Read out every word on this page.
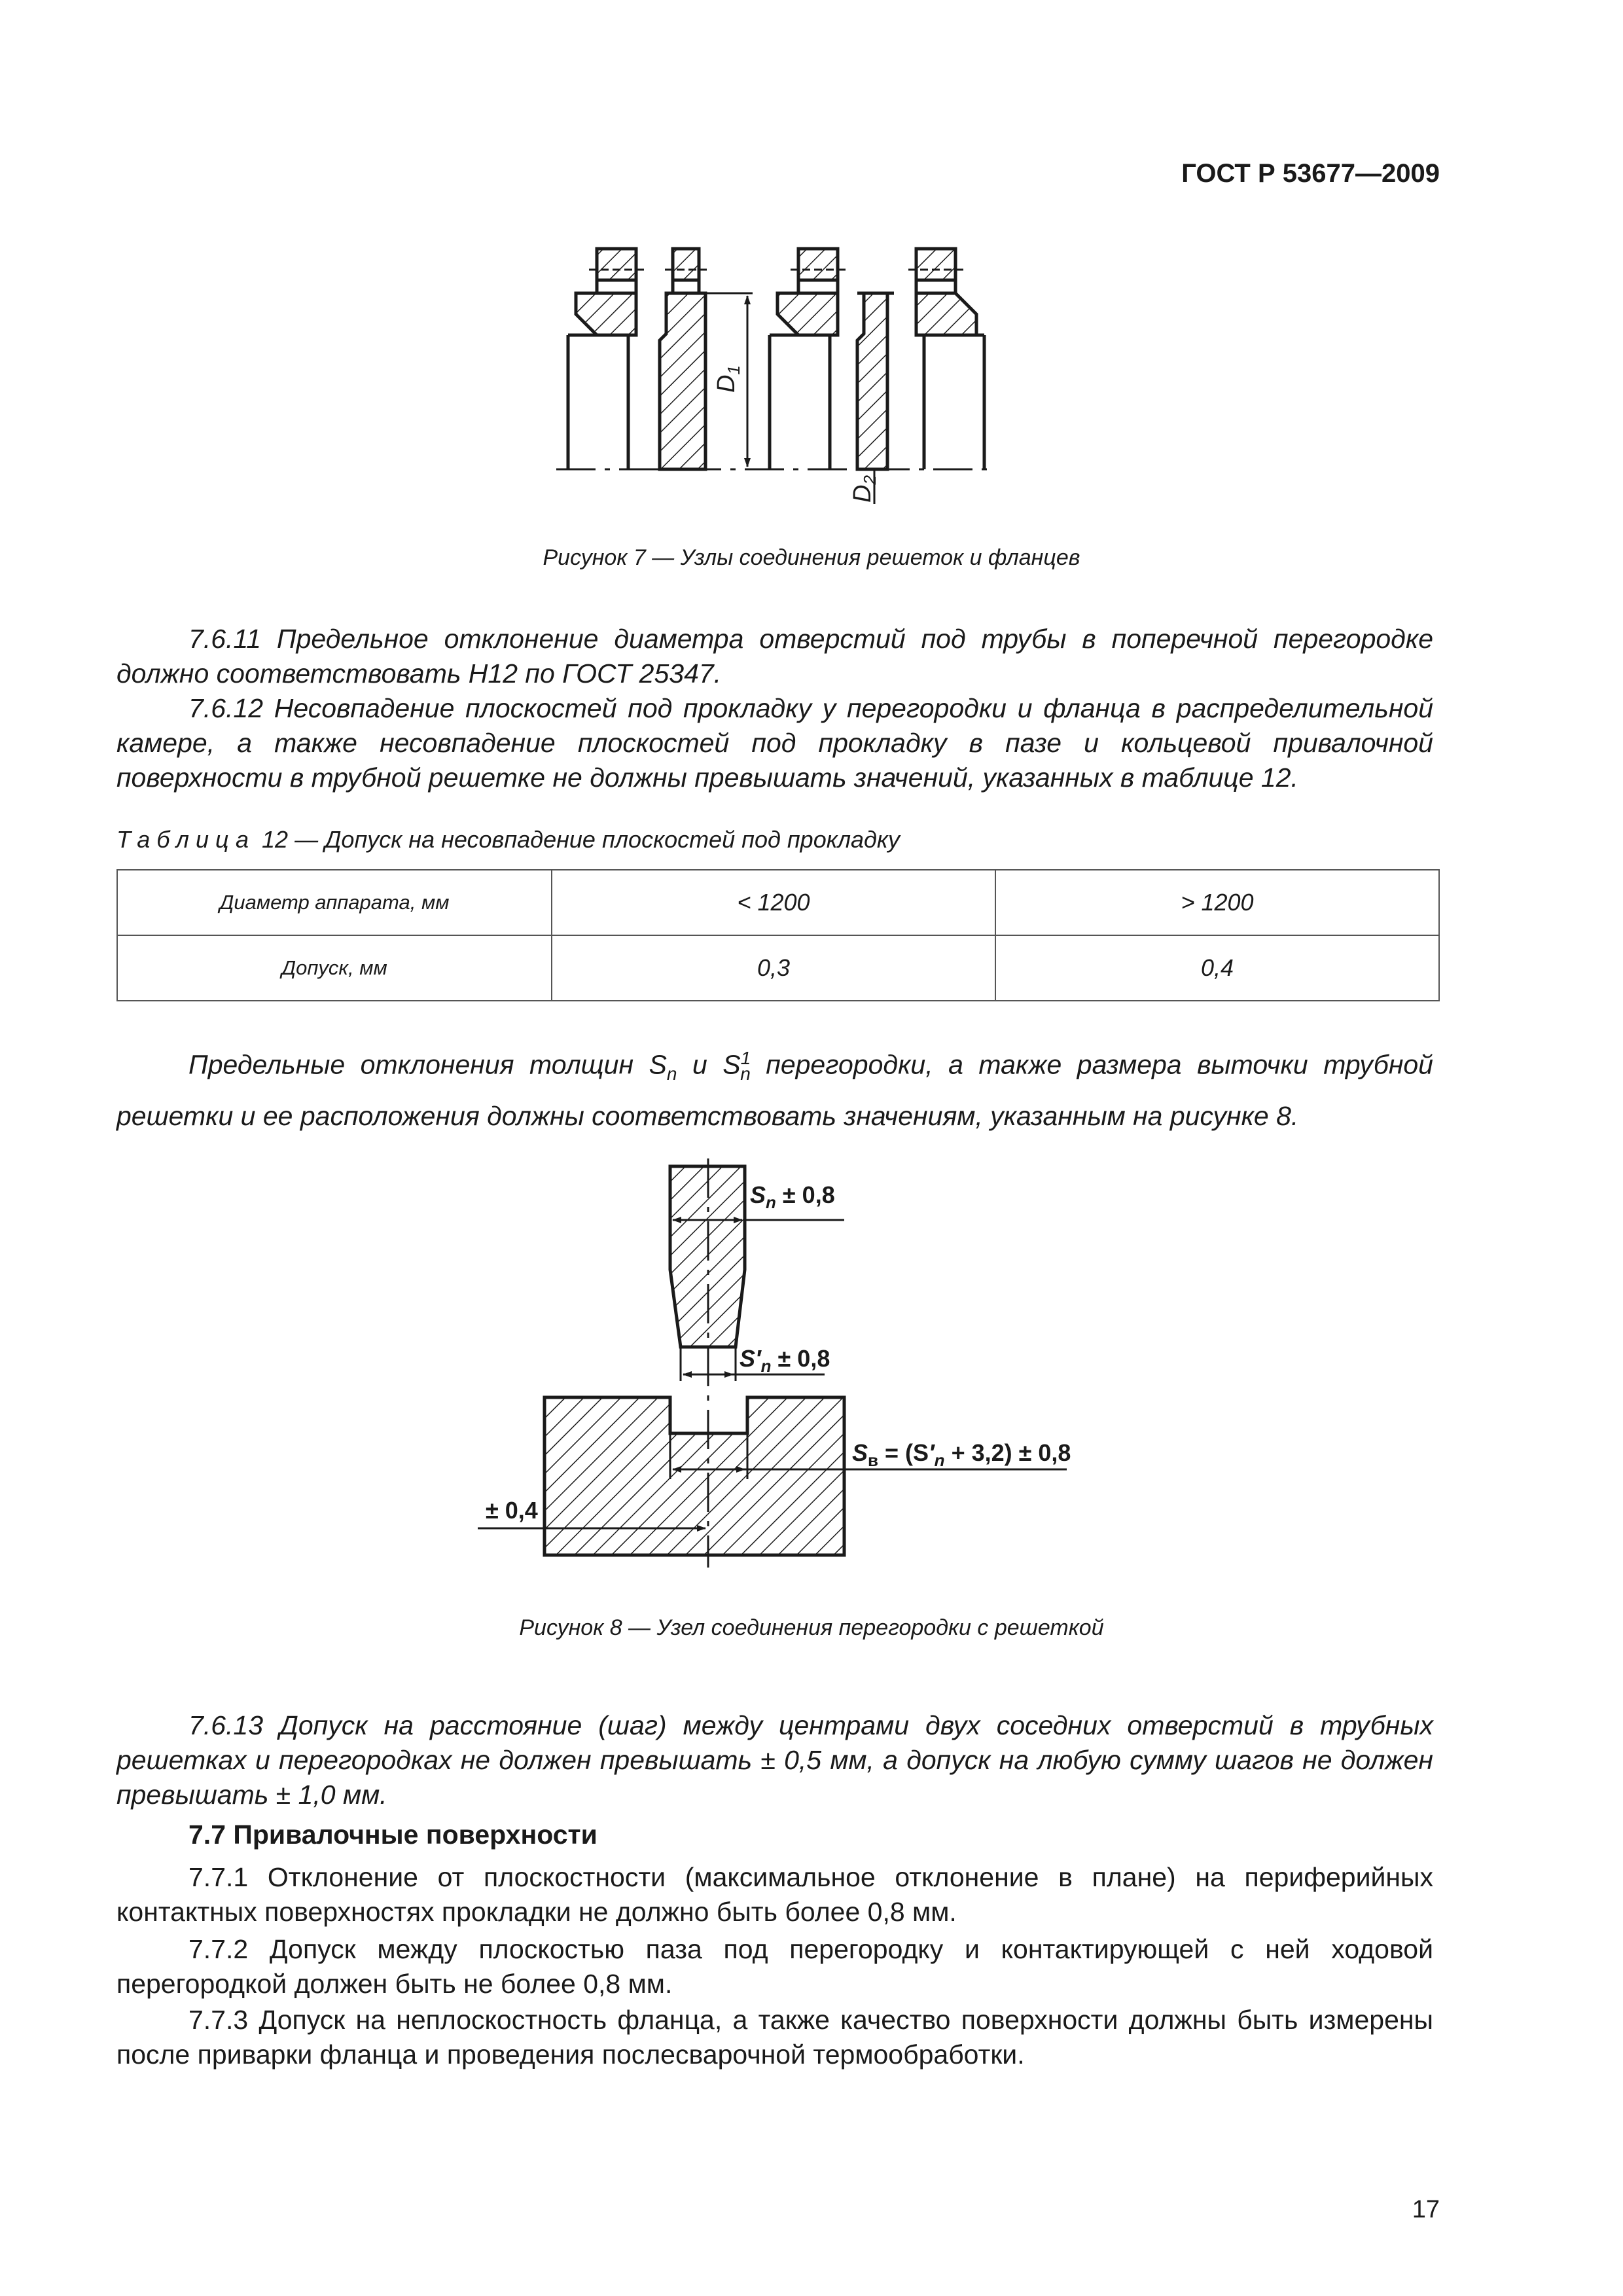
ГОСТ Р 53677—2009
$D_1$
$D_2$
$S_n \pm 0,8$
$S'_n \pm 0,8$
$S_в = (S'_n + 3,2) \pm 0,8$
± 0,4
Рисунок 7 — Узлы соединения решеток и фланцев
7.6.11 Предельное отклонение диаметра отверстий под трубы в поперечной перегородке должно соответствовать Н12 по ГОСТ 25347.
7.6.12 Несовпадение плоскостей под прокладку у перегородки и фланца в распределительной камере, а также несовпадение плоскостей под прокладку в пазе и кольцевой привалочной поверхности в трубной решетке не должны превышать значений, указанных в таблице 12.
Таблица 12 — Допуск на несовпадение плоскостей под прокладку
Диаметр аппарата, мм	< 1200	> 1200
Допуск, мм	0,3	0,4
Предельные отклонения толщин $S_n$ и $S^1_n$ перегородки, а также размера выточки трубной решетки и ее расположения должны соответствовать значениям, указанным на рисунке 8.
Рисунок 8 — Узел соединения перегородки с решеткой
7.6.13 Допуск на расстояние (шаг) между центрами двух соседних отверстий в трубных решетках и перегородках не должен превышать ± 0,5 мм, а допуск на любую сумму шагов не должен превышать ± 1,0 мм.
7.7 Привалочные поверхности
7.7.1 Отклонение от плоскостности (максимальное отклонение в плане) на периферийных контактных поверхностях прокладки не должно быть более 0,8 мм.
7.7.2 Допуск между плоскостью паза под перегородку и контактирующей с ней ходовой перегородкой должен быть не более 0,8 мм.
7.7.3 Допуск на неплоскостность фланца, а также качество поверхности должны быть измерены после приварки фланца и проведения послесварочной термообработки.
17
